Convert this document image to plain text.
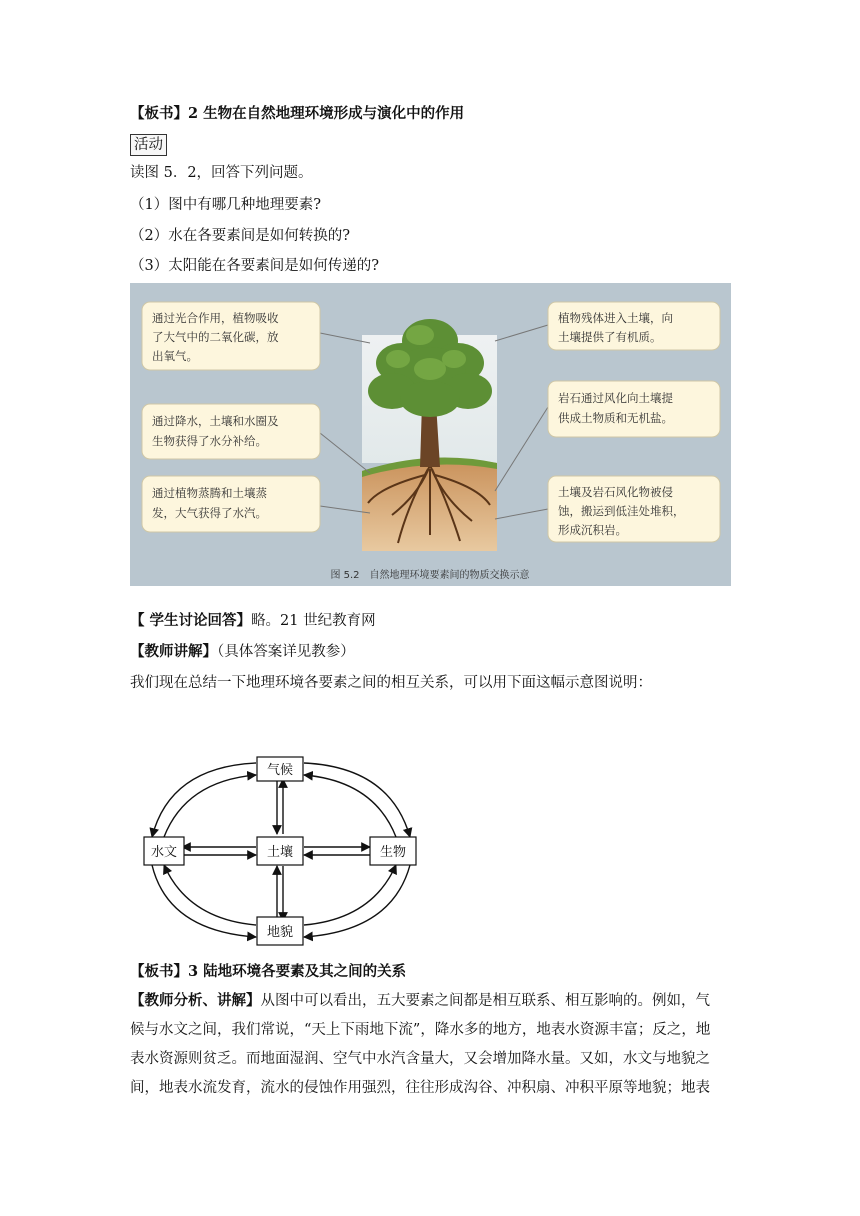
【板书】2 生物在自然地理环境形成与演化中的作用
活动
读图 5．2，回答下列问题。
（1）图中有哪几种地理要素?
（2）水在各要素间是如何转换的?
（3）太阳能在各要素间是如何传递的?
通过光合作用，植物吸收
了大气中的二氧化碳，放
出氧气。
通过降水，土壤和水圈及
生物获得了水分补给。
通过植物蒸腾和土壤蒸
发，大气获得了水汽。
植物残体进入土壤，向
土壤提供了有机质。
岩石通过风化向土壤提
供成土物质和无机盐。
土壤及岩石风化物被侵
蚀，搬运到低洼处堆积，
形成沉积岩。
图 5.2　自然地理环境要素间的物质交换示意
【 学生讨论回答】略。21 世纪教育网
【教师讲解】（具体答案详见教参）
我们现在总结一下地理环境各要素之间的相互关系，可以用下面这幅示意图说明：
气候
水文	土壤	生物
地貌
【板书】3 陆地环境各要素及其之间的关系
【教师分析、讲解】从图中可以看出，五大要素之间都是相互联系、相互影响的。例如，气
候与水文之间，我们常说，“天上下雨地下流”，降水多的地方，地表水资源丰富；反之，地
表水资源则贫乏。而地面湿润、空气中水汽含量大，又会增加降水量。又如，水文与地貌之
间，地表水流发育，流水的侵蚀作用强烈，往往形成沟谷、冲积扇、冲积平原等地貌；地表
